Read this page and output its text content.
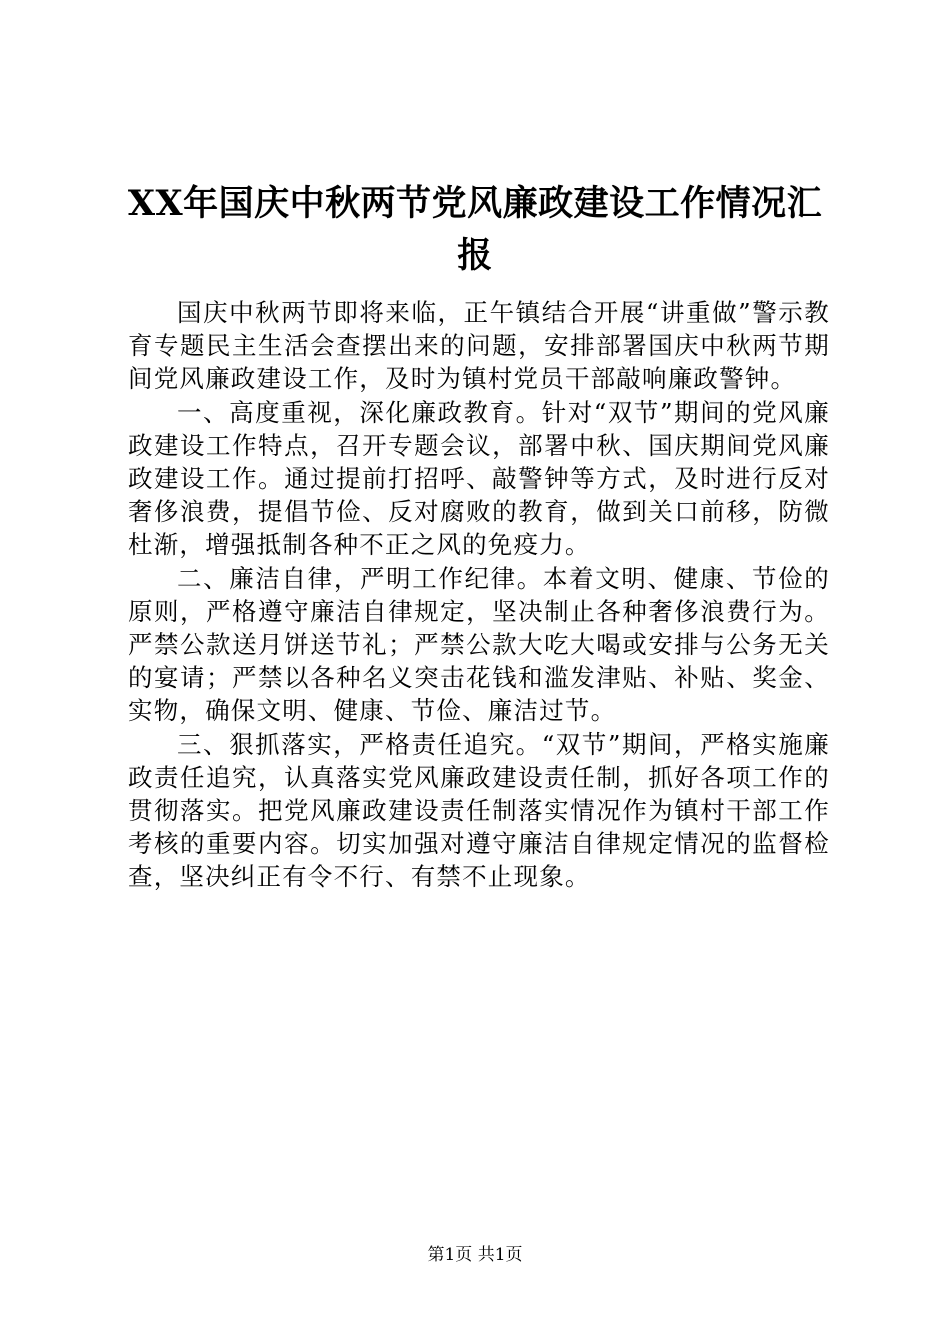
XX年国庆中秋两节党风廉政建设工作情况汇报

国庆中秋两节即将来临，正午镇结合开展“讲重做”警示教育专题民主生活会查摆出来的问题，安排部署国庆中秋两节期间党风廉政建设工作，及时为镇村党员干部敲响廉政警钟。

一、高度重视，深化廉政教育。针对“双节”期间的党风廉政建设工作特点，召开专题会议，部署中秋、国庆期间党风廉政建设工作。通过提前打招呼、敲警钟等方式，及时进行反对奢侈浪费，提倡节俭、反对腐败的教育，做到关口前移，防微杜渐，增强抵制各种不正之风的免疫力。

二、廉洁自律，严明工作纪律。本着文明、健康、节俭的原则，严格遵守廉洁自律规定，坚决制止各种奢侈浪费行为。严禁公款送月饼送节礼；严禁公款大吃大喝或安排与公务无关的宴请；严禁以各种名义突击花钱和滥发津贴、补贴、奖金、实物，确保文明、健康、节俭、廉洁过节。

三、狠抓落实，严格责任追究。“双节”期间，严格实施廉政责任追究，认真落实党风廉政建设责任制，抓好各项工作的贯彻落实。把党风廉政建设责任制落实情况作为镇村干部工作考核的重要内容。切实加强对遵守廉洁自律规定情况的监督检查，坚决纠正有令不行、有禁不止现象。

第1页 共1页
